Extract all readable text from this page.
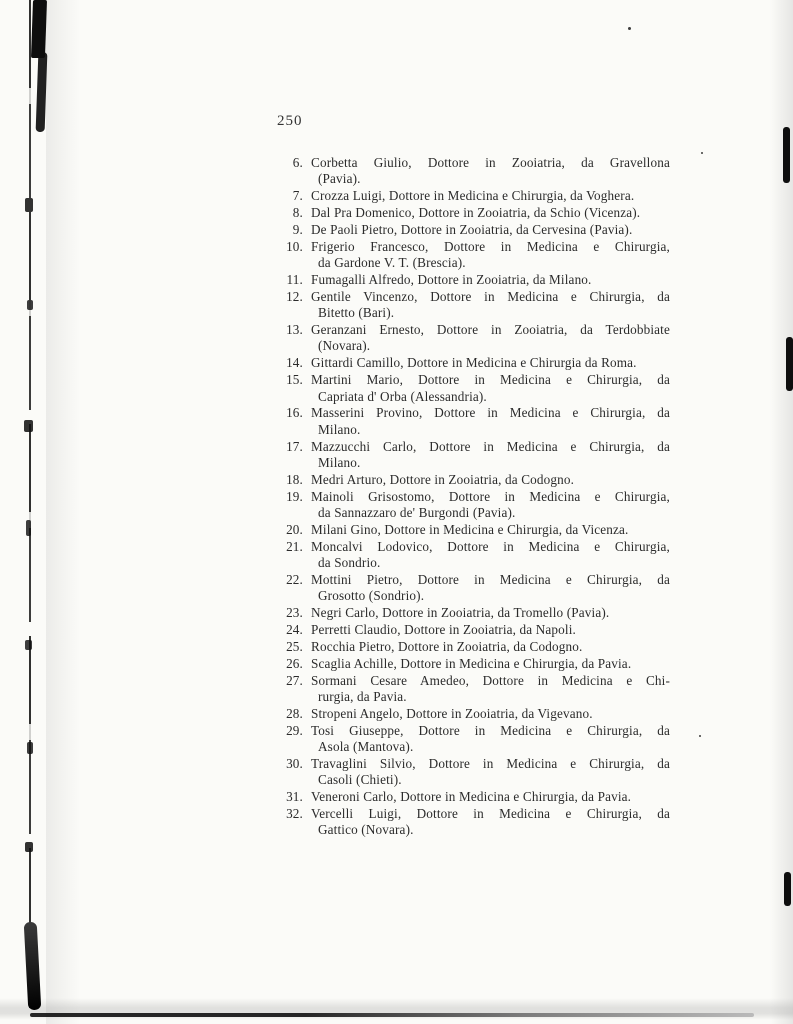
250
6. Corbetta Giulio, Dottore in Zooiatria, da Gravellona
(Pavia).
7. Crozza Luigi, Dottore in Medicina e Chirurgia, da Voghera.
8. Dal Pra Domenico, Dottore in Zooiatria, da Schio (Vicenza).
9. De Paoli Pietro, Dottore in Zooiatria, da Cervesina (Pavia).
10. Frigerio Francesco, Dottore in Medicina e Chirurgia,
da Gardone V. T. (Brescia).
11. Fumagalli Alfredo, Dottore in Zooiatria, da Milano.
12. Gentile Vincenzo, Dottore in Medicina e Chirurgia, da
Bitetto (Bari).
13. Geranzani Ernesto, Dottore in Zooiatria, da Terdobbiate
(Novara).
14. Gittardi Camillo, Dottore in Medicina e Chirurgia da Roma.
15. Martini Mario, Dottore in Medicina e Chirurgia, da
Capriata d' Orba (Alessandria).
16. Masserini Provino, Dottore in Medicina e Chirurgia, da
Milano.
17. Mazzucchi Carlo, Dottore in Medicina e Chirurgia, da
Milano.
18. Medri Arturo, Dottore in Zooiatria, da Codogno.
19. Mainoli Grisostomo, Dottore in Medicina e Chirurgia,
da Sannazzaro de' Burgondi (Pavia).
20. Milani Gino, Dottore in Medicina e Chirurgia, da Vicenza.
21. Moncalvi Lodovico, Dottore in Medicina e Chirurgia,
da Sondrio.
22. Mottini Pietro, Dottore in Medicina e Chirurgia, da
Grosotto (Sondrio).
23. Negri Carlo, Dottore in Zooiatria, da Tromello (Pavia).
24. Perretti Claudio, Dottore in Zooiatria, da Napoli.
25. Rocchia Pietro, Dottore in Zooiatria, da Codogno.
26. Scaglia Achille, Dottore in Medicina e Chirurgia, da Pavia.
27. Sormani Cesare Amedeo, Dottore in Medicina e Chi-
rurgia, da Pavia.
28. Stropeni Angelo, Dottore in Zooiatria, da Vigevano.
29. Tosi Giuseppe, Dottore in Medicina e Chirurgia, da
Asola (Mantova).
30. Travaglini Silvio, Dottore in Medicina e Chirurgia, da
Casoli (Chieti).
31. Veneroni Carlo, Dottore in Medicina e Chirurgia, da Pavia.
32. Vercelli Luigi, Dottore in Medicina e Chirurgia, da
Gattico (Novara).
